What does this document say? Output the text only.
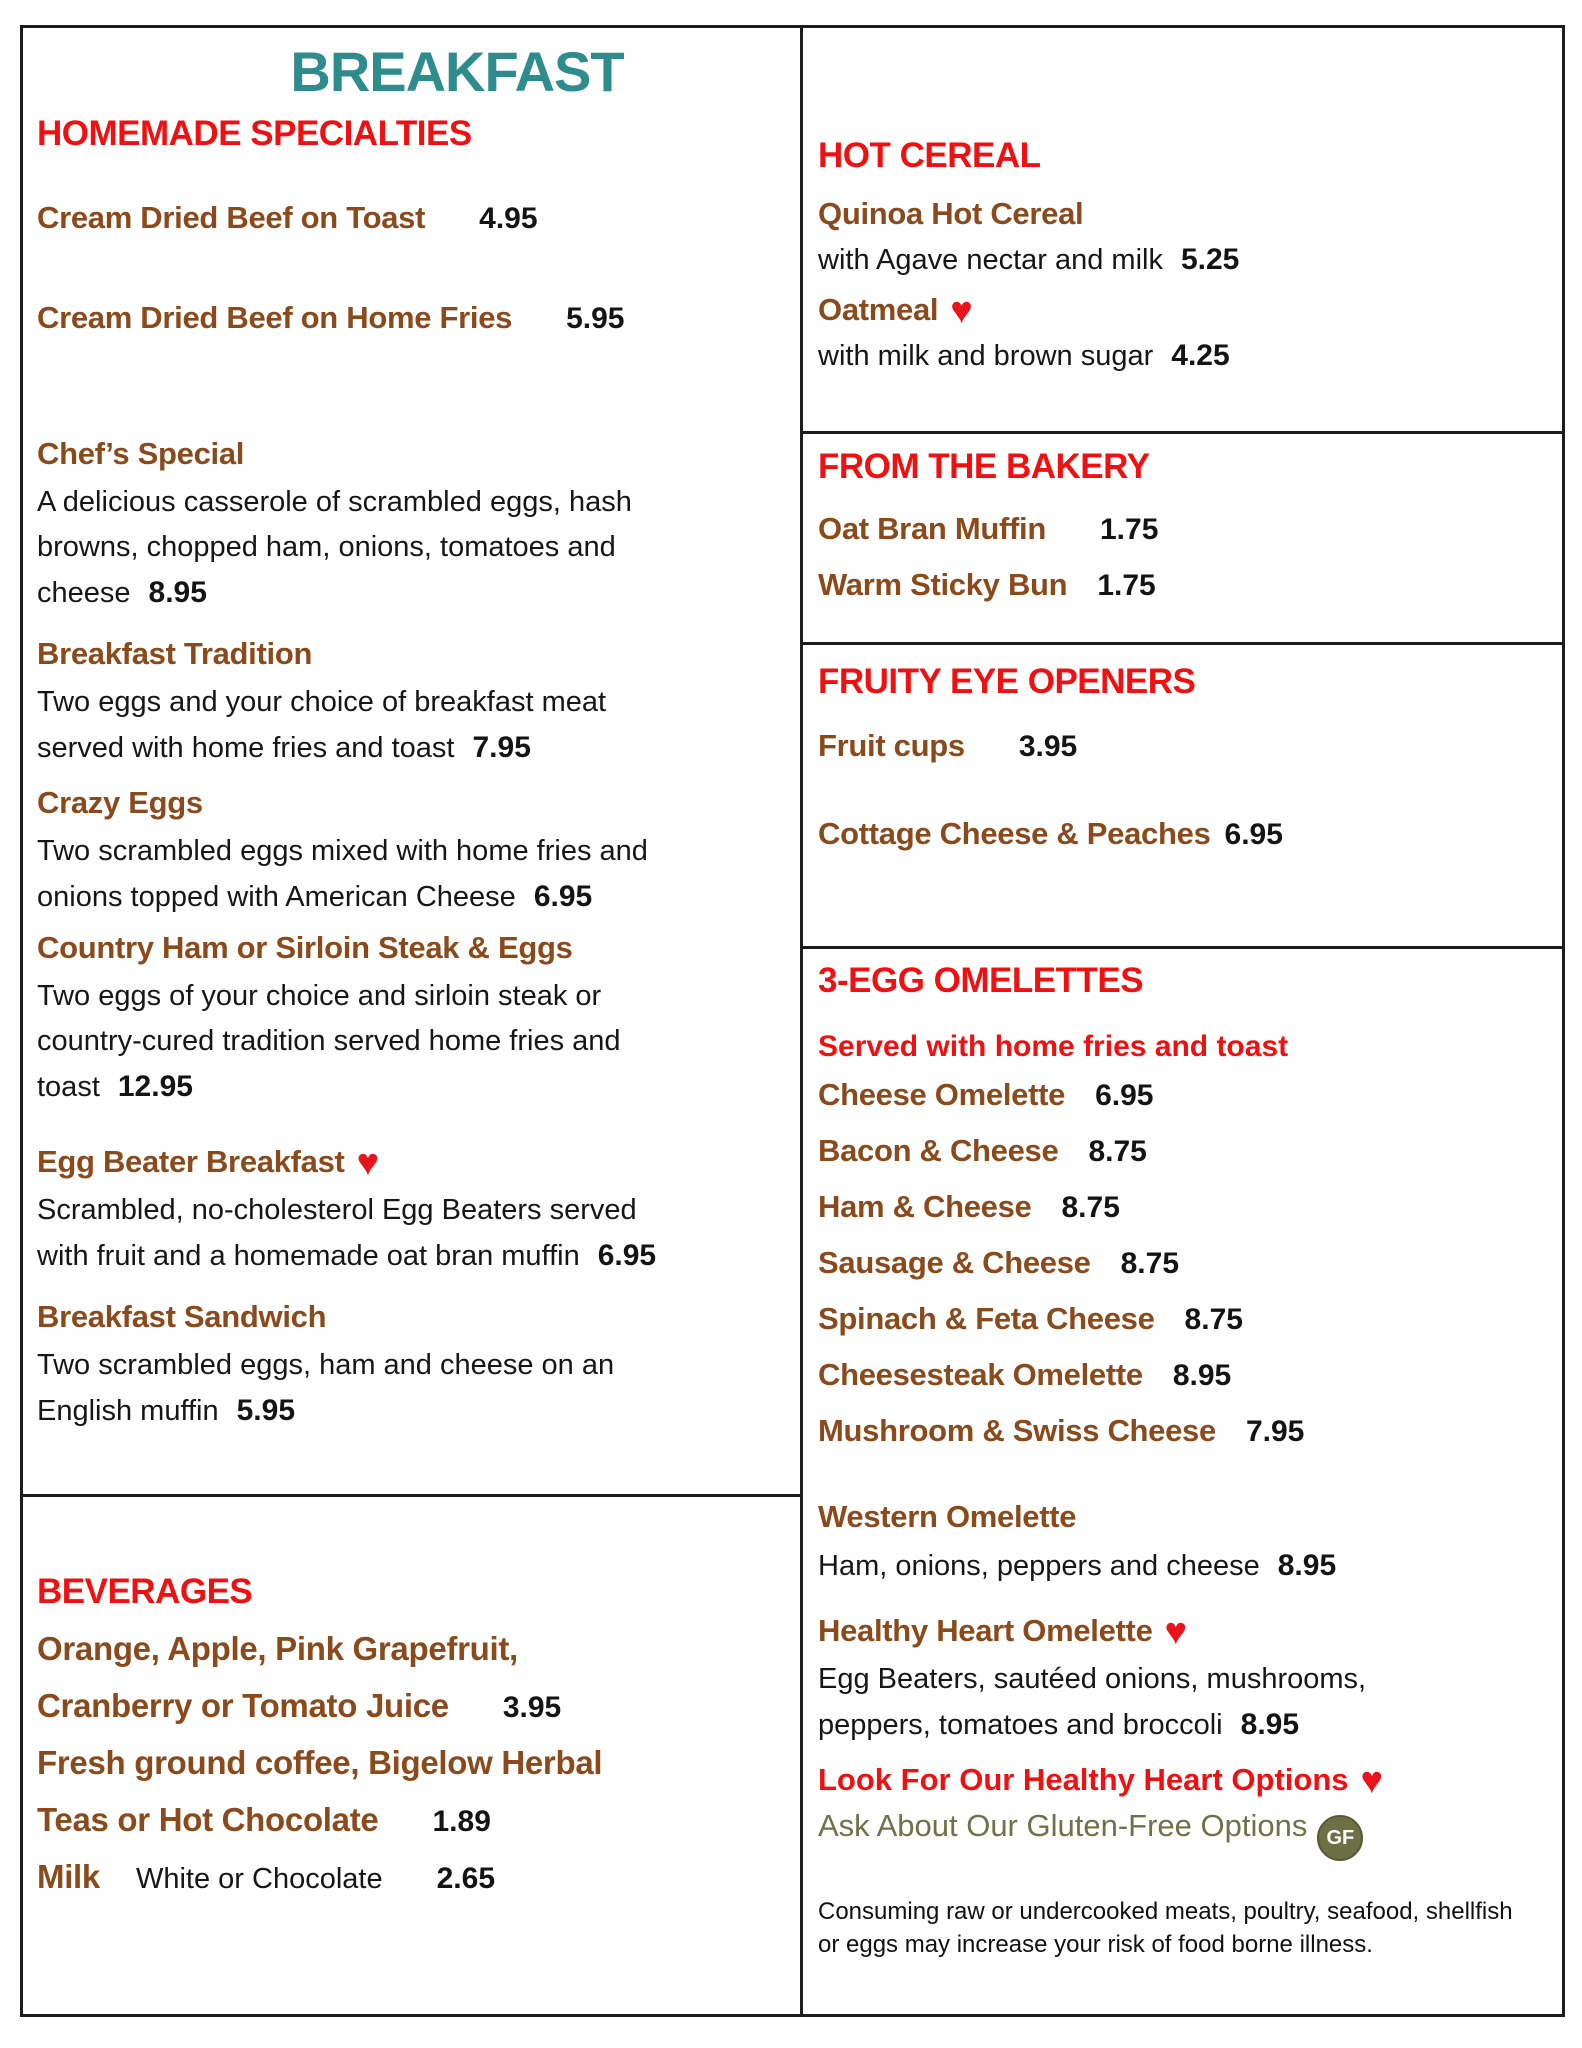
BREAKFAST
HOMEMADE SPECIALTIES
Cream Dried Beef on Toast 4.95
Cream Dried Beef on Home Fries 5.95
Chef’s Special
A delicious casserole of scrambled eggs, hash
browns, chopped ham, onions, tomatoes and
cheese 8.95
Breakfast Tradition
Two eggs and your choice of breakfast meat
served with home fries and toast 7.95
Crazy Eggs
Two scrambled eggs mixed with home fries and
onions topped with American Cheese 6.95
Country Ham or Sirloin Steak & Eggs
Two eggs of your choice and sirloin steak or
country-cured tradition served home fries and
toast 12.95
Egg Beater Breakfast ♥
Scrambled, no-cholesterol Egg Beaters served
with fruit and a homemade oat bran muffin 6.95
Breakfast Sandwich
Two scrambled eggs, ham and cheese on an
English muffin 5.95
BEVERAGES
Orange, Apple, Pink Grapefruit,
Cranberry or Tomato Juice 3.95
Fresh ground coffee, Bigelow Herbal
Teas or Hot Chocolate 1.89
Milk White or Chocolate 2.65
HOT CEREAL
Quinoa Hot Cereal
with Agave nectar and milk 5.25
Oatmeal ♥
with milk and brown sugar 4.25
FROM THE BAKERY
Oat Bran Muffin 1.75
Warm Sticky Bun 1.75
FRUITY EYE OPENERS
Fruit cups 3.95
Cottage Cheese & Peaches 6.95
3-EGG OMELETTES
Served with home fries and toast
Cheese Omelette 6.95
Bacon & Cheese 8.75
Ham & Cheese 8.75
Sausage & Cheese 8.75
Spinach & Feta Cheese 8.75
Cheesesteak Omelette 8.95
Mushroom & Swiss Cheese 7.95
Western Omelette
Ham, onions, peppers and cheese 8.95
Healthy Heart Omelette ♥
Egg Beaters, sautéed onions, mushrooms,
peppers, tomatoes and broccoli 8.95
Look For Our Healthy Heart Options ♥
Ask About Our Gluten-Free Options GF
Consuming raw or undercooked meats, poultry, seafood, shellfish
or eggs may increase your risk of food borne illness.
